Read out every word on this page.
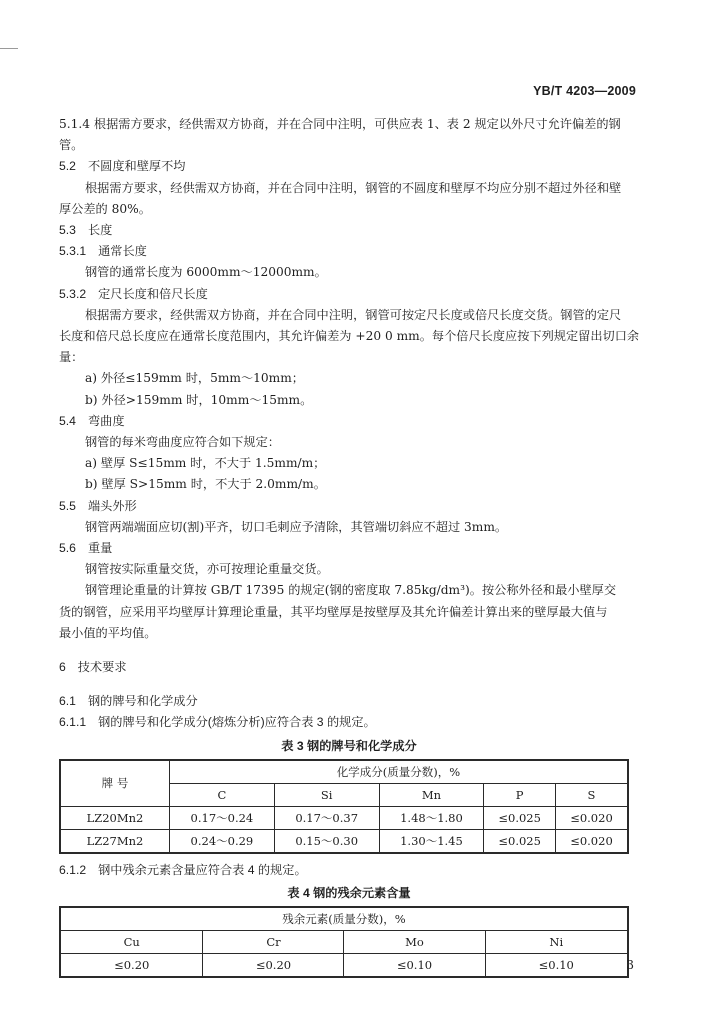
YB/T 4203—2009
5.1.4 根据需方要求，经供需双方协商，并在合同中注明，可供应表 1、表 2 规定以外尺寸允许偏差的钢
管。
5.2 不圆度和壁厚不均
根据需方要求，经供需双方协商，并在合同中注明，钢管的不圆度和壁厚不均应分别不超过外径和壁
厚公差的 80%。
5.3 长度
5.3.1 通常长度
钢管的通常长度为 6000mm～12000mm。
5.3.2 定尺长度和倍尺长度
根据需方要求，经供需双方协商，并在合同中注明，钢管可按定尺长度或倍尺长度交货。钢管的定尺
长度和倍尺总长度应在通常长度范围内，其允许偏差为 +20 0 mm。每个倍尺长度应按下列规定留出切口余
量：
a) 外径≤159mm 时，5mm～10mm；
b) 外径>159mm 时，10mm～15mm。
5.4 弯曲度
钢管的每米弯曲度应符合如下规定：
a) 壁厚 S≤15mm 时，不大于 1.5mm/m；
b) 壁厚 S>15mm 时，不大于 2.0mm/m。
5.5 端头外形
钢管两端端面应切(割)平齐，切口毛刺应予清除，其管端切斜应不超过 3mm。
5.6 重量
钢管按实际重量交货，亦可按理论重量交货。
钢管理论重量的计算按 GB/T 17395 的规定(钢的密度取 7.85kg/dm³)。按公称外径和最小壁厚交
货的钢管，应采用平均壁厚计算理论重量，其平均壁厚是按壁厚及其允许偏差计算出来的壁厚最大值与
最小值的平均值。
6 技术要求
6.1 钢的牌号和化学成分
6.1.1 钢的牌号和化学成分(熔炼分析)应符合表 3 的规定。
表 3 钢的牌号和化学成分
牌 号	化学成分(质量分数)，%				
	C	Si	Mn	P	S
LZ20Mn2	0.17～0.24	0.17～0.37	1.48～1.80	≤0.025	≤0.020
LZ27Mn2	0.24～0.29	0.15～0.30	1.30～1.45	≤0.025	≤0.020
6.1.2 钢中残余元素含量应符合表 4 的规定。
表 4 钢的残余元素含量
残余元素(质量分数)，%			
Cu	Cr	Mo	Ni
≤0.20	≤0.20	≤0.10	≤0.10	3
